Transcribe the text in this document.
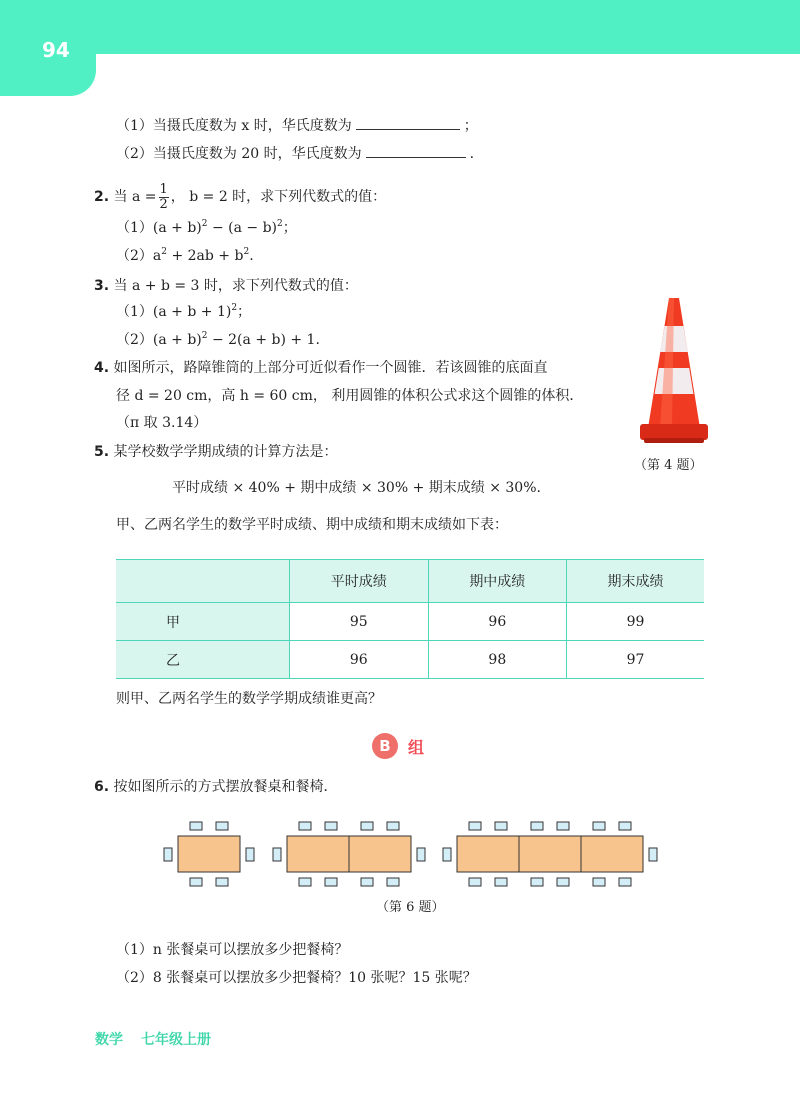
94
（1）当摄氏度数为 x 时，华氏度数为	；
（2）当摄氏度数为 20 时，华氏度数为	.
2. 当 $a = \frac{1}{2}$ ， b = 2 时，求下列代数式的值：
$(1)(a + b)^2 - (a - b)^2$；
$(2)a^2 + 2ab + b^2$.
3. 当 a + b = 3 时，求下列代数式的值：
$(1)(a + b + 1)^2$；
$(2)(a + b)^2 - 2(a + b) + 1$.
4. 如图所示，路障锥筒的上部分可近似看作一个圆锥．若该圆锥的底面直
径 d = 20 cm，高 h = 60 cm， 利用圆锥的体积公式求这个圆锥的体积．
（π 取 3.14）
（第 4 题）
5. 某学校数学学期成绩的计算方法是：
平时成绩 × 40% + 期中成绩 × 30% + 期末成绩 × 30%.
甲、乙两名学生的数学平时成绩、期中成绩和期末成绩如下表：
	平时成绩	期中成绩	期末成绩
甲	95	96	99
乙	96	98	97
则甲、乙两名学生的数学学期成绩谁更高？
B	组
6. 按如图所示的方式摆放餐桌和餐椅．
（第 6 题）
（1）n 张餐桌可以摆放多少把餐椅？
（2）8 张餐桌可以摆放多少把餐椅？10 张呢？15 张呢？
数学 七年级上册
